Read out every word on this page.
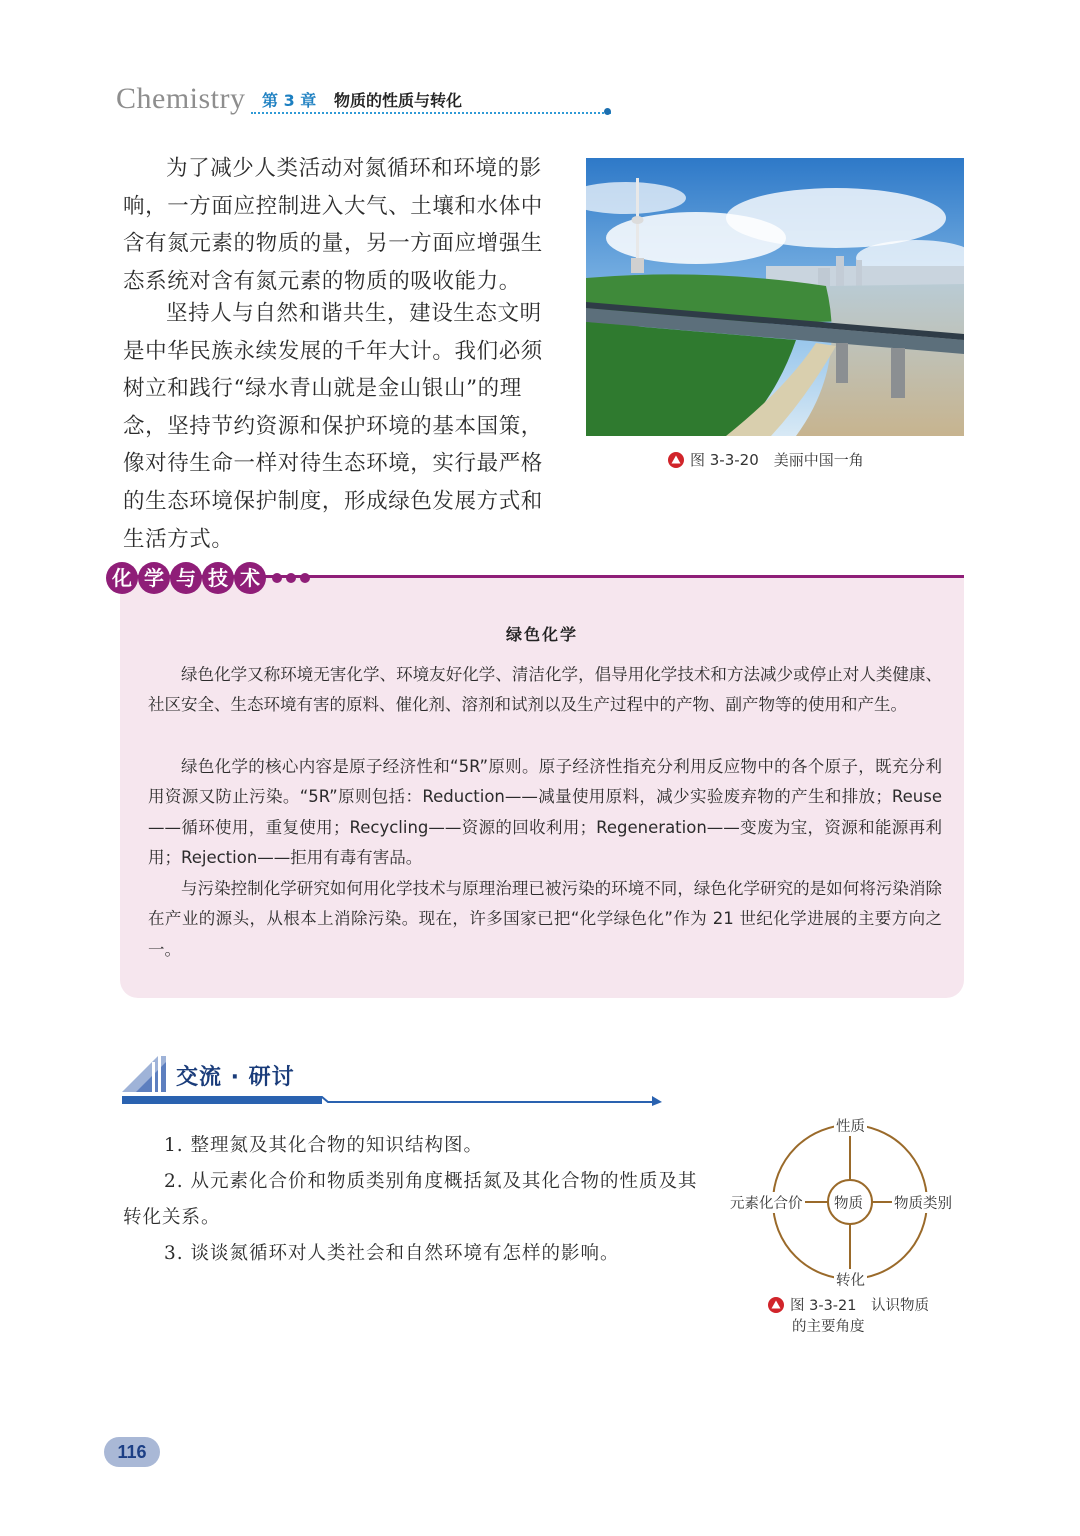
Chemistry 第 3 章 物质的性质与转化

为了减少人类活动对氮循环和环境的影响，一方面应控制进入大气、土壤和水体中含有氮元素的物质的量，另一方面应增强生态系统对含有氮元素的物质的吸收能力。

坚持人与自然和谐共生，建设生态文明是中华民族永续发展的千年大计。我们必须树立和践行“绿水青山就是金山银山”的理念，坚持节约资源和保护环境的基本国策，像对待生命一样对待生态环境，实行最严格的生态环境保护制度，形成绿色发展方式和生活方式。

图 3-3-20　美丽中国一角
化 学 与 技 术
绿色化学

绿色化学又称环境无害化学、环境友好化学、清洁化学，倡导用化学技术和方法减少或停止对人类健康、社区安全、生态环境有害的原料、催化剂、溶剂和试剂以及生产过程中的产物、副产物等的使用和产生。

绿色化学的核心内容是原子经济性和“5R”原则。原子经济性指充分利用反应物中的各个原子，既充分利用资源又防止污染。“5R”原则包括：Reduction——减量使用原料，减少实验废弃物的产生和排放；Reuse——循环使用，重复使用；Recycling——资源的回收利用；Regeneration——变废为宝，资源和能源再利用；Rejection——拒用有毒有害品。

与污染控制化学研究如何用化学技术与原理治理已被污染的环境不同，绿色化学研究的是如何将污染消除在产业的源头，从根本上消除污染。现在，许多国家已把“化学绿色化”作为 21 世纪化学进展的主要方向之一。

交流 · 研讨

1. 整理氮及其化合物的知识结构图。

2. 从元素化合价和物质类别角度概括氮及其化合物的性质及其转化关系。

3. 谈谈氮循环对人类社会和自然环境有怎样的影响。

性质
元素化合价 物质 物质类别
转化
图 3-3-21　认识物质
的主要角度
116
